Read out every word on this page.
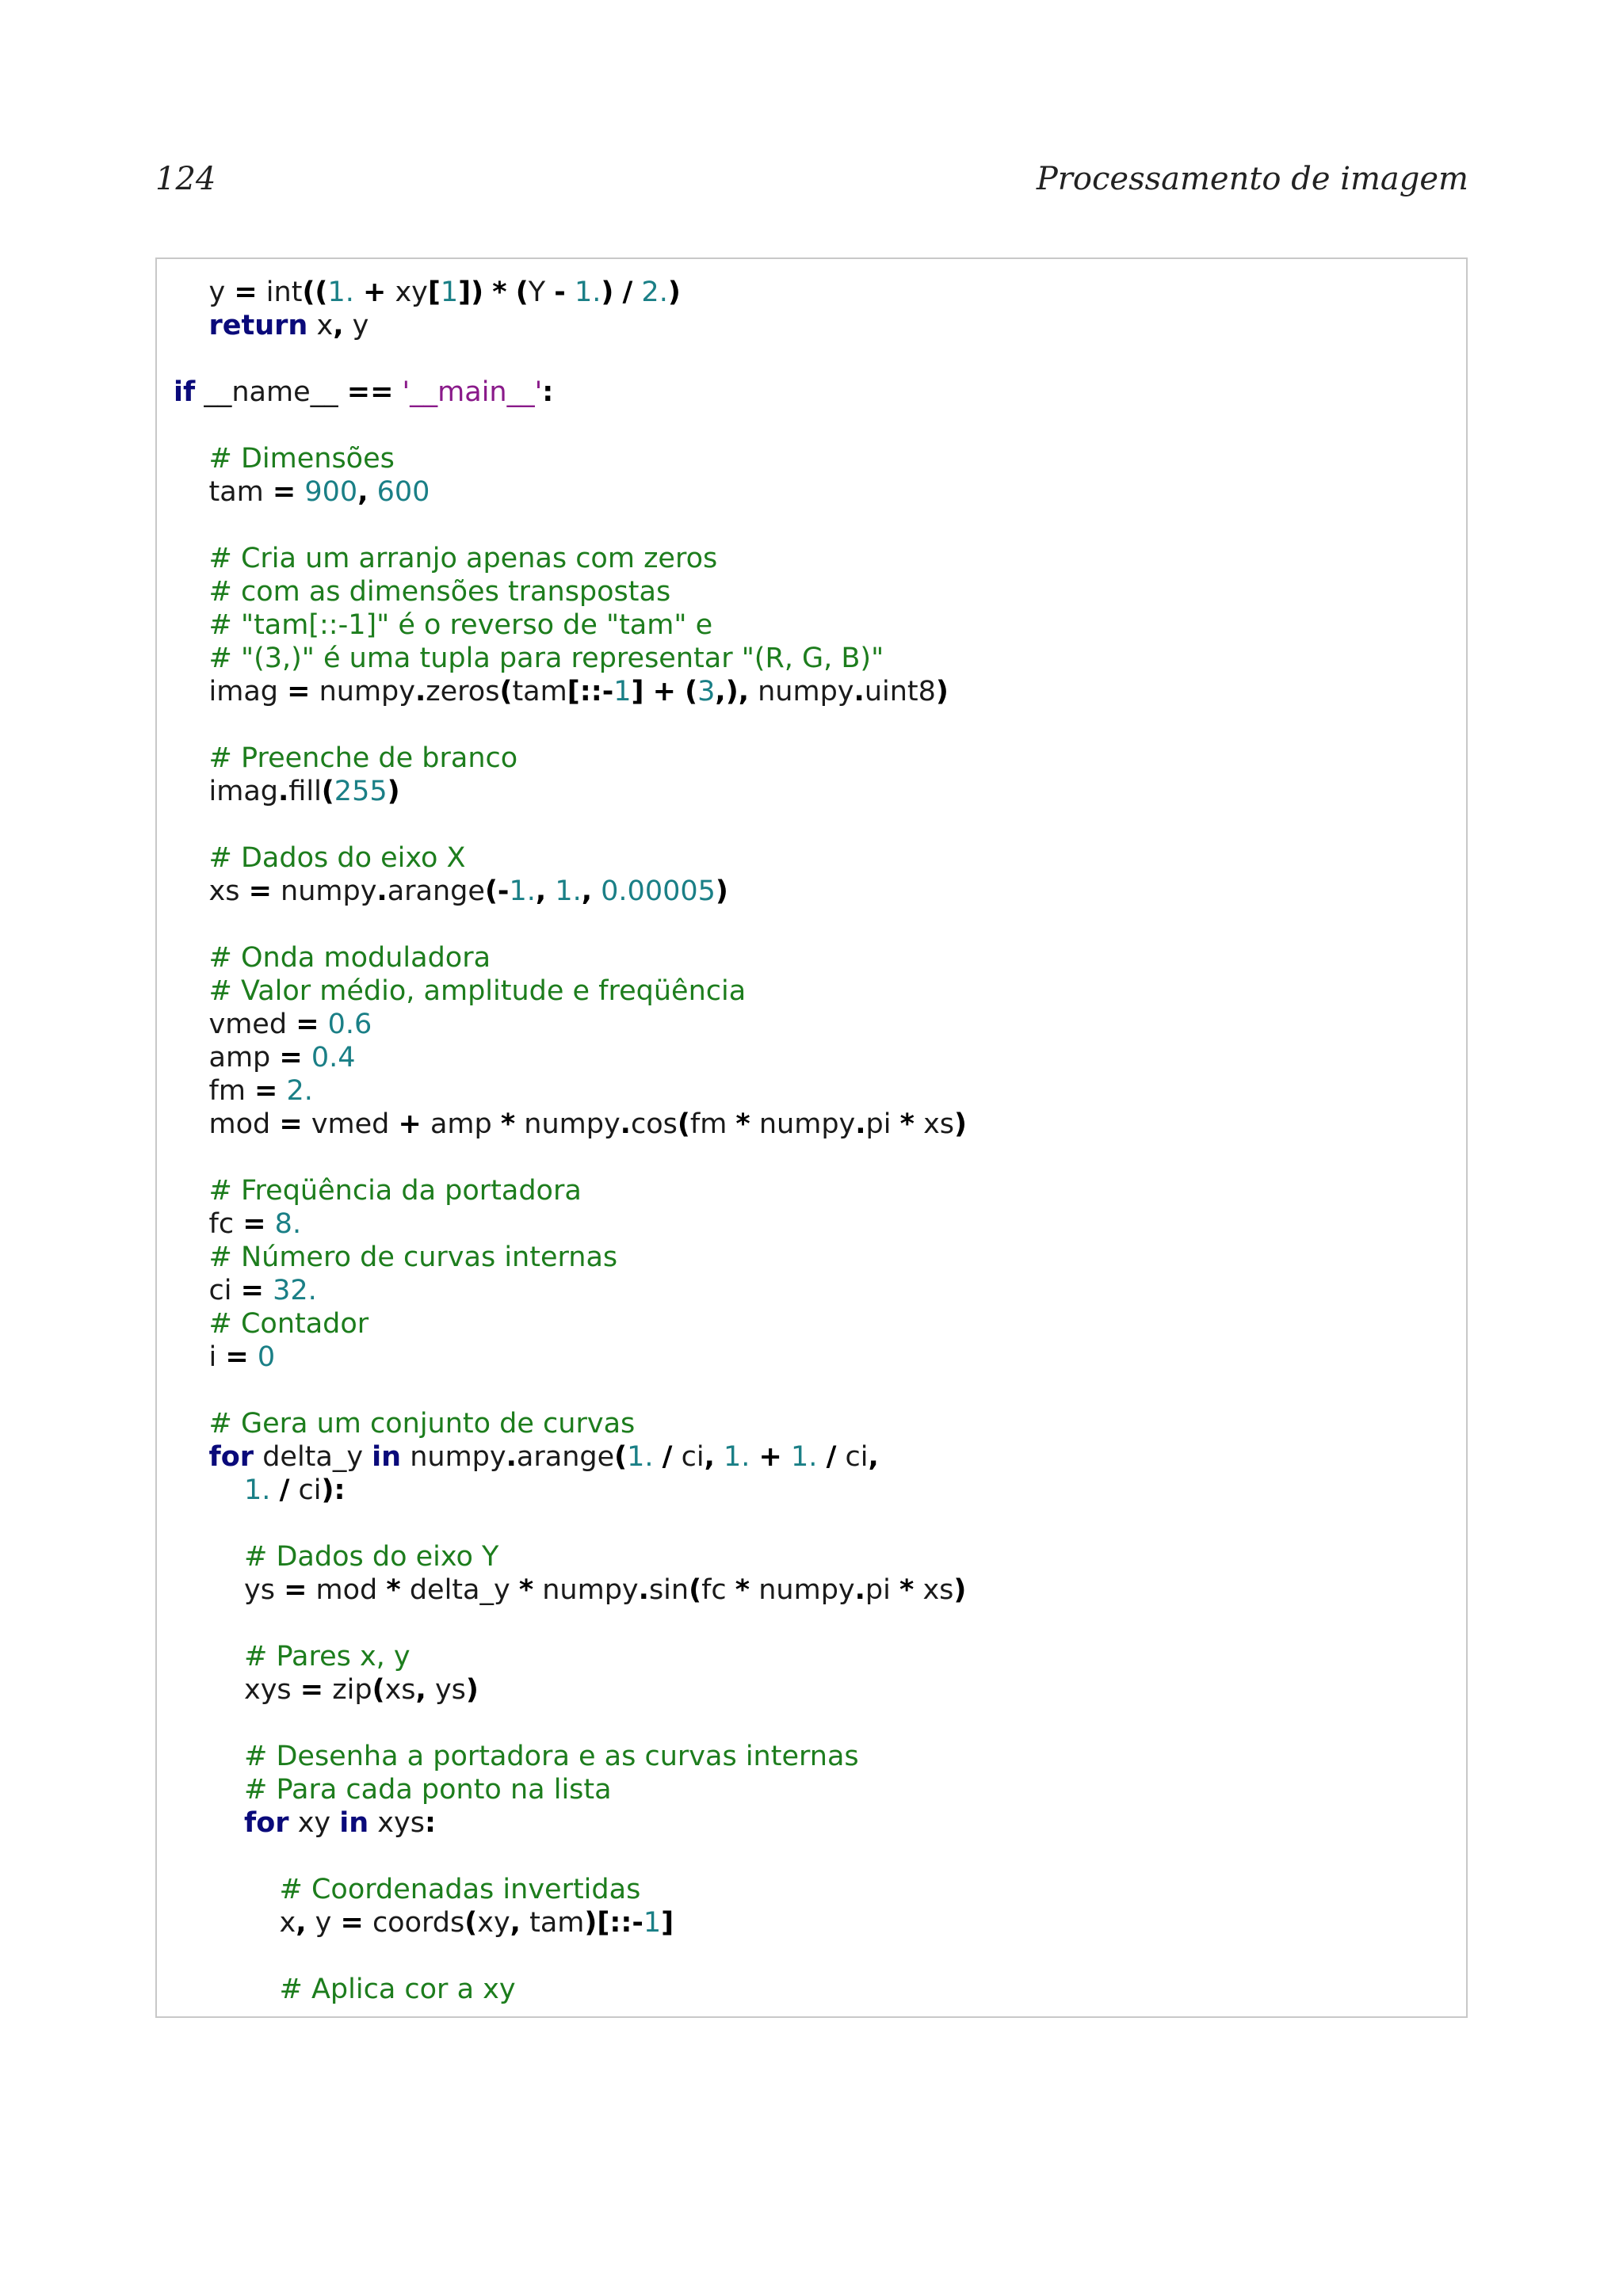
124	Processamento de imagem
y = int((1. + xy[1]) * (Y - 1.) / 2.)
return x, y
if __name__ == '__main__':
# Dimensões
tam = 900, 600
# Cria um arranjo apenas com zeros
# com as dimensões transpostas
# "tam[::-1]" é o reverso de "tam" e
# "(3,)" é uma tupla para representar "(R, G, B)"
imag = numpy.zeros(tam[::-1] + (3,), numpy.uint8)
# Preenche de branco
imag.fill(255)
# Dados do eixo X
xs = numpy.arange(-1., 1., 0.00005)
# Onda moduladora
# Valor médio, amplitude e freqüência
vmed = 0.6
amp = 0.4
fm = 2.
mod = vmed + amp * numpy.cos(fm * numpy.pi * xs)
# Freqüência da portadora
fc = 8.
# Número de curvas internas
ci = 32.
# Contador
i = 0
# Gera um conjunto de curvas
for delta_y in numpy.arange(1. / ci, 1. + 1. / ci,
1. / ci):
# Dados do eixo Y
ys = mod * delta_y * numpy.sin(fc * numpy.pi * xs)
# Pares x, y
xys = zip(xs, ys)
# Desenha a portadora e as curvas internas
# Para cada ponto na lista
for xy in xys:
# Coordenadas invertidas
x, y = coords(xy, tam)[::-1]
# Aplica cor a xy
